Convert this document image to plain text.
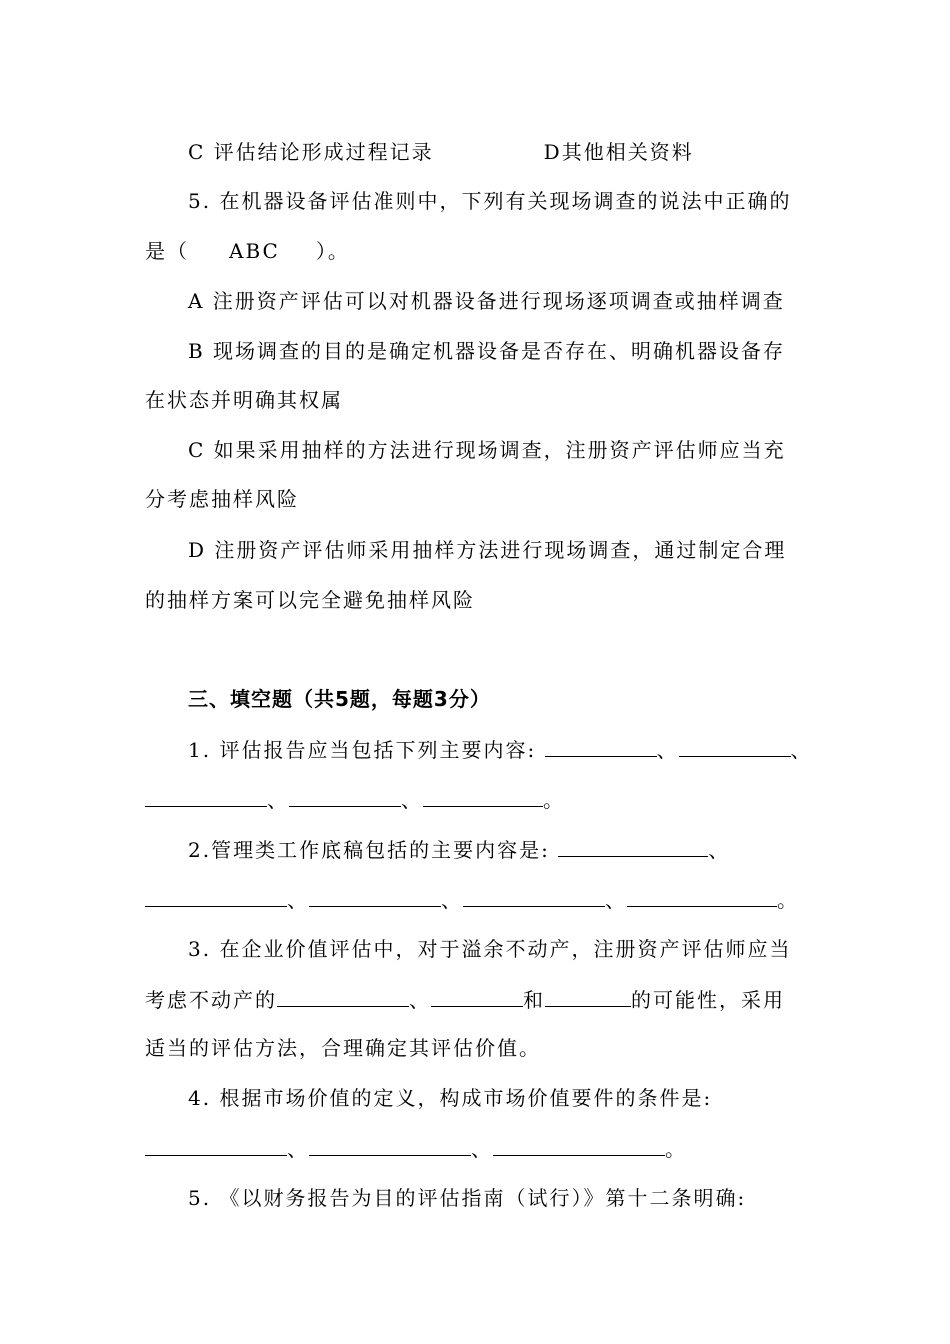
C 评估结论形成过程记录	D其他相关资料
5. 在机器设备评估准则中，下列有关现场调查的说法中正确的
是（ ABC ）。
A 注册资产评估可以对机器设备进行现场逐项调查或抽样调查
B 现场调查的目的是确定机器设备是否存在、明确机器设备存
在状态并明确其权属
C 如果采用抽样的方法进行现场调查，注册资产评估师应当充
分考虑抽样风险
D 注册资产评估师采用抽样方法进行现场调查，通过制定合理
的抽样方案可以完全避免抽样风险
三、填空题（共5题，每题3分）
1. 评估报告应当包括下列主要内容:	、	、
、	、	。
2.管理类工作底稿包括的主要内容是:	、
、	、	、	。
3. 在企业价值评估中，对于溢余不动产，注册资产评估师应当
考虑不动产的	、	和	的可能性，采用
适当的评估方法，合理确定其评估价值。
4. 根据市场价值的定义，构成市场价值要件的条件是:
、	、	。
5. 《以财务报告为目的评估指南（试行）》第十二条明确:
